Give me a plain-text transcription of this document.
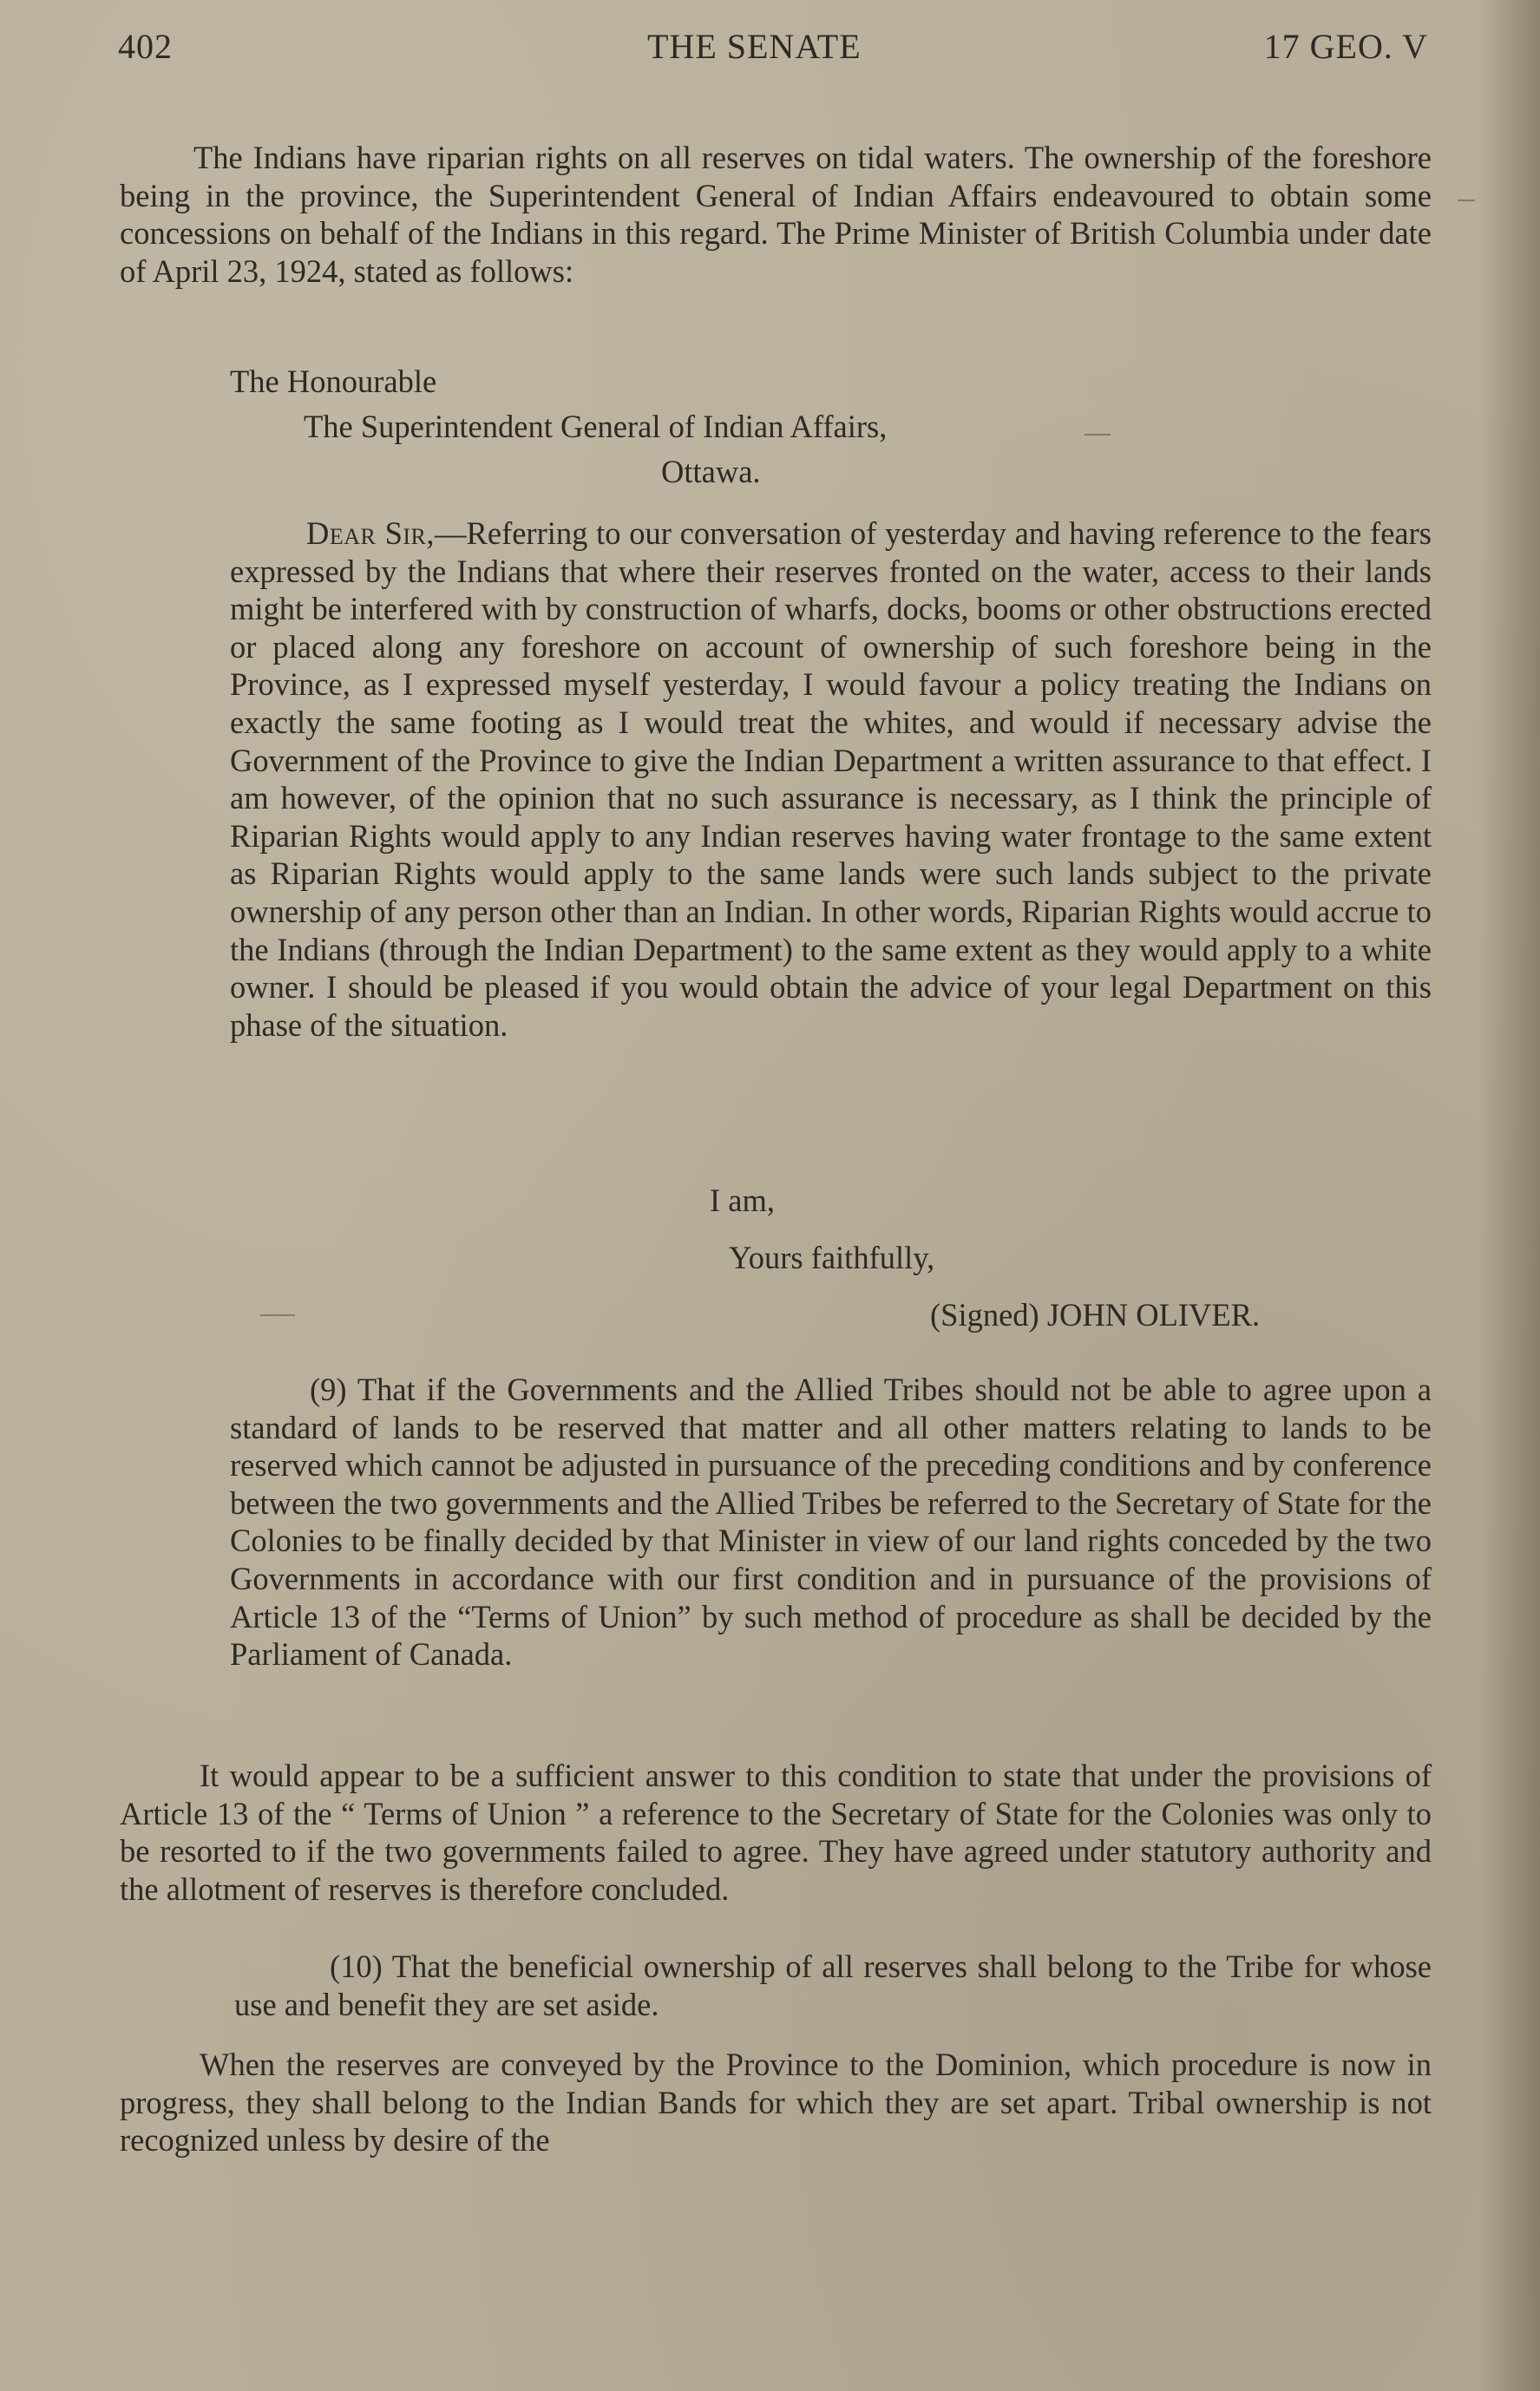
402	THE SENATE	17 GEO. V

The Indians have riparian rights on all reserves on tidal waters. The ownership of the foreshore being in the province, the Superintendent General of Indian Affairs endeavoured to obtain some concessions on behalf of the Indians in this regard. The Prime Minister of British Columbia under date of April 23, 1924, stated as follows:

The Honourable
The Superintendent General of Indian Affairs,
Ottawa.

Dear Sir,—Referring to our conversation of yesterday and having reference to the fears expressed by the Indians that where their reserves fronted on the water, access to their lands might be interfered with by construction of wharfs, docks, booms or other obstructions erected or placed along any foreshore on account of ownership of such foreshore being in the Province, as I expressed myself yesterday, I would favour a policy treating the Indians on exactly the same footing as I would treat the whites, and would if necessary advise the Government of the Province to give the Indian Department a written assurance to that effect. I am however, of the opinion that no such assurance is necessary, as I think the principle of Riparian Rights would apply to any Indian reserves having water frontage to the same extent as Riparian Rights would apply to the same lands were such lands subject to the private ownership of any person other than an Indian. In other words, Riparian Rights would accrue to the Indians (through the Indian Department) to the same extent as they would apply to a white owner. I should be pleased if you would obtain the advice of your legal Department on this phase of the situation.

I am,
Yours faithfully,
(Signed) JOHN OLIVER.

(9) That if the Governments and the Allied Tribes should not be able to agree upon a standard of lands to be reserved that matter and all other matters relating to lands to be reserved which cannot be adjusted in pursuance of the preceding conditions and by conference between the two governments and the Allied Tribes be referred to the Secretary of State for the Colonies to be finally decided by that Minister in view of our land rights conceded by the two Governments in accordance with our first condition and in pursuance of the provisions of Article 13 of the “Terms of Union” by such method of procedure as shall be decided by the Parliament of Canada.

It would appear to be a sufficient answer to this condition to state that under the provisions of Article 13 of the “ Terms of Union ” a reference to the Secretary of State for the Colonies was only to be resorted to if the two governments failed to agree. They have agreed under statutory authority and the allotment of reserves is therefore concluded.

(10) That the beneficial ownership of all reserves shall belong to the Tribe for whose use and benefit they are set aside.

When the reserves are conveyed by the Province to the Dominion, which procedure is now in progress, they shall belong to the Indian Bands for which they are set apart. Tribal ownership is not recognized unless by desire of the
